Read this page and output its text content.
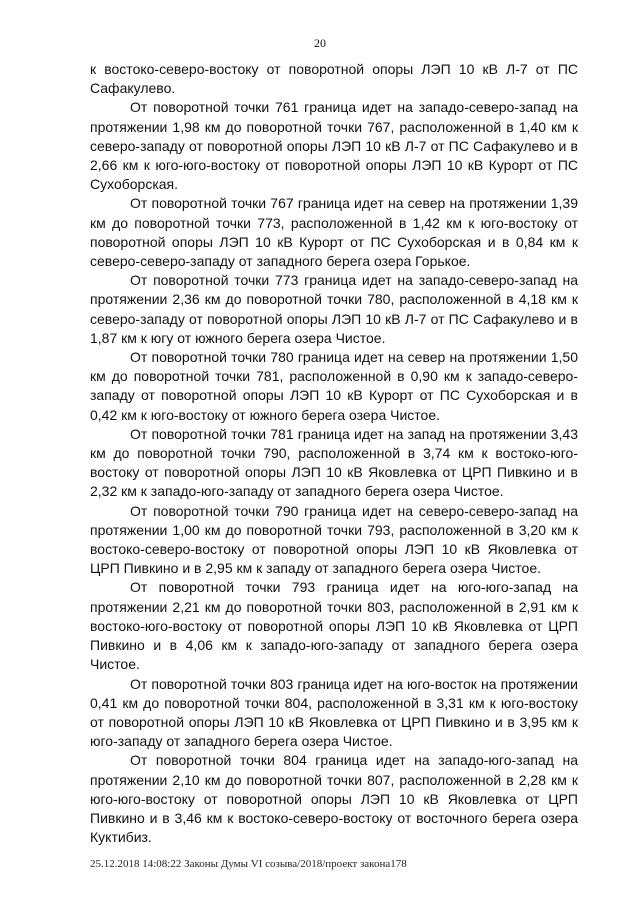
20

к востоко-северо-востоку от поворотной опоры ЛЭП 10 кВ Л-7 от ПС Сафакулево.

От поворотной точки 761 граница идет на западо-северо-запад на протяжении 1,98 км до поворотной точки 767, расположенной в 1,40 км к северо-западу от поворотной опоры ЛЭП 10 кВ Л-7 от ПС Сафакулево и в 2,66 км к юго-юго-востоку от поворотной опоры ЛЭП 10 кВ Курорт от ПС Сухоборская.

От поворотной точки 767 граница идет на север на протяжении 1,39 км до поворотной точки 773, расположенной в 1,42 км к юго-востоку от поворотной опоры ЛЭП 10 кВ Курорт от ПС Сухоборская и в 0,84 км к северо-северо-западу от западного берега озера Горькое.

От поворотной точки 773 граница идет на западо-северо-запад на протяжении 2,36 км до поворотной точки 780, расположенной в 4,18 км к северо-западу от поворотной опоры ЛЭП 10 кВ Л-7 от ПС Сафакулево и в 1,87 км к югу от южного берега озера Чистое.

От поворотной точки 780 граница идет на север на протяжении 1,50 км до поворотной точки 781, расположенной в 0,90 км к западо-северо-западу от поворотной опоры ЛЭП 10 кВ Курорт от ПС Сухоборская и в 0,42 км к юго-востоку от южного берега озера Чистое.

От поворотной точки 781 граница идет на запад на протяжении 3,43 км до поворотной точки 790, расположенной в 3,74 км к востоко-юго-востоку от поворотной опоры ЛЭП 10 кВ Яковлевка от ЦРП Пивкино и в 2,32 км к западо-юго-западу от западного берега озера Чистое.

От поворотной точки 790 граница идет на северо-северо-запад на протяжении 1,00 км до поворотной точки 793, расположенной в 3,20 км к востоко-северо-востоку от поворотной опоры ЛЭП 10 кВ Яковлевка от ЦРП Пивкино и в 2,95 км к западу от западного берега озера Чистое.

От поворотной точки 793 граница идет на юго-юго-запад на протяжении 2,21 км до поворотной точки 803, расположенной в 2,91 км к востоко-юго-востоку от поворотной опоры ЛЭП 10 кВ Яковлевка от ЦРП Пивкино и в 4,06 км к западо-юго-западу от западного берега озера Чистое.

От поворотной точки 803 граница идет на юго-восток на протяжении 0,41 км до поворотной точки 804, расположенной в 3,31 км к юго-востоку от поворотной опоры ЛЭП 10 кВ Яковлевка от ЦРП Пивкино и в 3,95 км к юго-западу от западного берега озера Чистое.

От поворотной точки 804 граница идет на западо-юго-запад на протяжении 2,10 км до поворотной точки 807, расположенной в 2,28 км к юго-юго-востоку от поворотной опоры ЛЭП 10 кВ Яковлевка от ЦРП Пивкино и в 3,46 км к востоко-северо-востоку от восточного берега озера Куктибиз.

25.12.2018 14:08:22 Законы Думы VI созыва/2018/проект закона178
